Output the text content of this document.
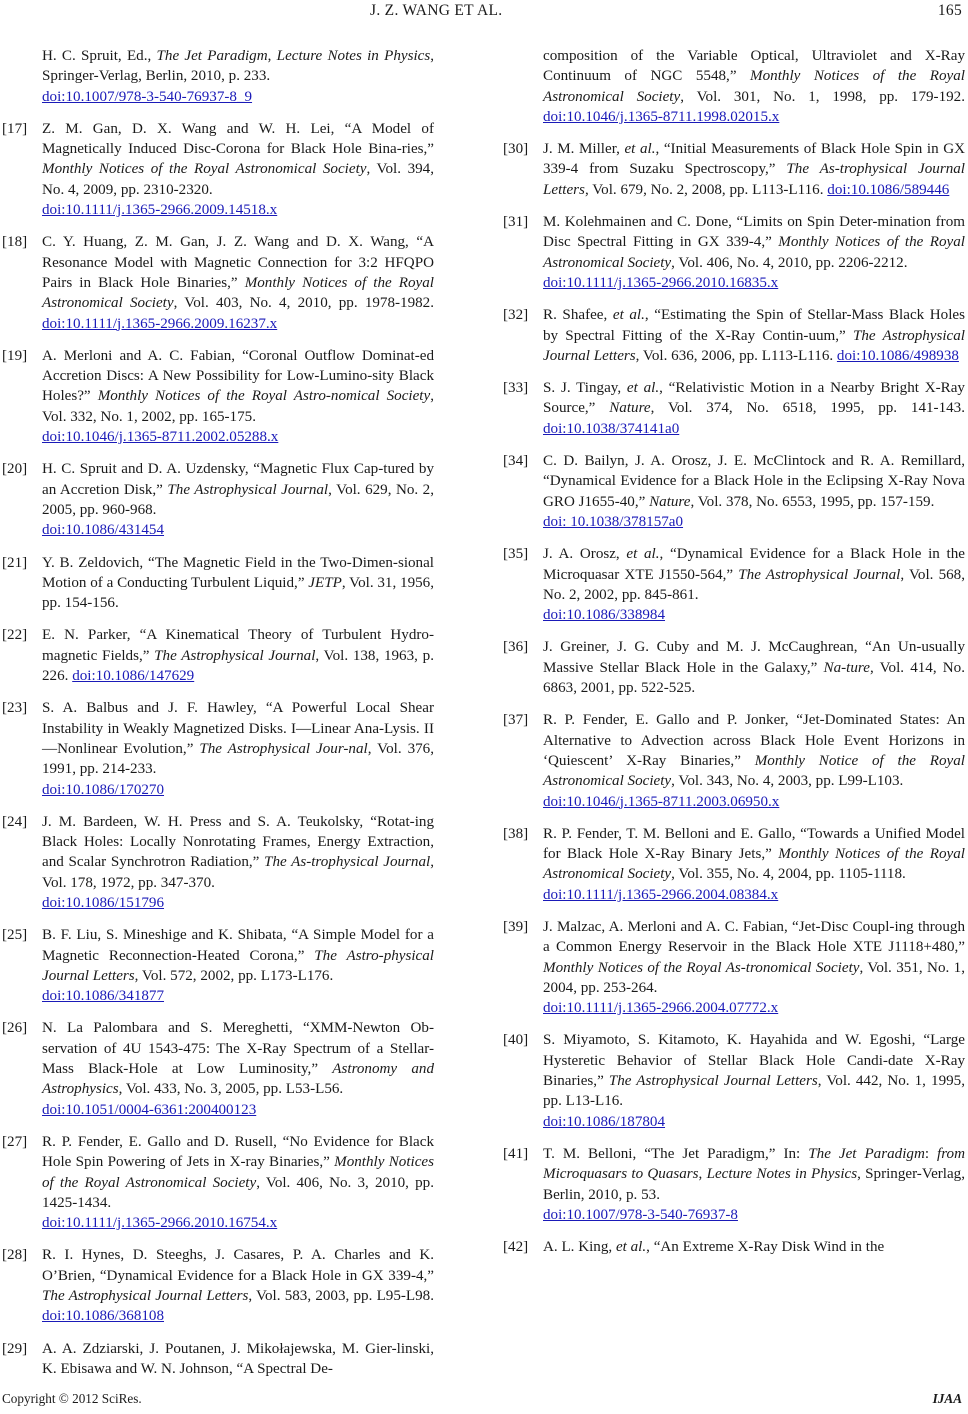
J. Z. WANG ET AL.	165
H. C. Spruit, Ed., The Jet Paradigm, Lecture Notes in Physics, Springer-Verlag, Berlin, 2010, p. 233.
doi:10.1007/978-3-540-76937-8_9
[17] Z. M. Gan, D. X. Wang and W. H. Lei, “A Model of Magnetically Induced Disc-Corona for Black Hole Bina-ries,” Monthly Notices of the Royal Astronomical Society, Vol. 394, No. 4, 2009, pp. 2310-2320.
doi:10.1111/j.1365-2966.2009.14518.x
[18] C. Y. Huang, Z. M. Gan, J. Z. Wang and D. X. Wang, “A Resonance Model with Magnetic Connection for 3:2 HFQPO Pairs in Black Hole Binaries,” Monthly Notices of the Royal Astronomical Society, Vol. 403, No. 4, 2010, pp. 1978-1982. doi:10.1111/j.1365-2966.2009.16237.x
[19] A. Merloni and A. C. Fabian, “Coronal Outflow Dominat-ed Accretion Discs: A New Possibility for Low-Lumino-sity Black Holes?” Monthly Notices of the Royal Astro-nomical Society, Vol. 332, No. 1, 2002, pp. 165-175.
doi:10.1046/j.1365-8711.2002.05288.x
[20] H. C. Spruit and D. A. Uzdensky, “Magnetic Flux Cap-tured by an Accretion Disk,” The Astrophysical Journal, Vol. 629, No. 2, 2005, pp. 960-968.
doi:10.1086/431454
[21] Y. B. Zeldovich, “The Magnetic Field in the Two-Dimen-sional Motion of a Conducting Turbulent Liquid,” JETP, Vol. 31, 1956, pp. 154-156.
[22] E. N. Parker, “A Kinematical Theory of Turbulent Hydro-magnetic Fields,” The Astrophysical Journal, Vol. 138, 1963, p. 226. doi:10.1086/147629
[23] S. A. Balbus and J. F. Hawley, “A Powerful Local Shear Instability in Weakly Magnetized Disks. I—Linear Ana-Lysis. II—Nonlinear Evolution,” The Astrophysical Jour-nal, Vol. 376, 1991, pp. 214-233.
doi:10.1086/170270
[24] J. M. Bardeen, W. H. Press and S. A. Teukolsky, “Rotat-ing Black Holes: Locally Nonrotating Frames, Energy Extraction, and Scalar Synchrotron Radiation,” The As-trophysical Journal, Vol. 178, 1972, pp. 347-370.
doi:10.1086/151796
[25] B. F. Liu, S. Mineshige and K. Shibata, “A Simple Model for a Magnetic Reconnection-Heated Corona,” The Astro-physical Journal Letters, Vol. 572, 2002, pp. L173-L176.
doi:10.1086/341877
[26] N. La Palombara and S. Mereghetti, “XMM-Newton Ob-servation of 4U 1543-475: The X-Ray Spectrum of a Stellar-Mass Black-Hole at Low Luminosity,” Astronomy and Astrophysics, Vol. 433, No. 3, 2005, pp. L53-L56.
doi:10.1051/0004-6361:200400123
[27] R. P. Fender, E. Gallo and D. Rusell, “No Evidence for Black Hole Spin Powering of Jets in X-ray Binaries,” Monthly Notices of the Royal Astronomical Society, Vol. 406, No. 3, 2010, pp. 1425-1434.
doi:10.1111/j.1365-2966.2010.16754.x
[28] R. I. Hynes, D. Steeghs, J. Casares, P. A. Charles and K. O’Brien, “Dynamical Evidence for a Black Hole in GX 339-4,” The Astrophysical Journal Letters, Vol. 583, 2003, pp. L95-L98. doi:10.1086/368108
[29] A. A. Zdziarski, J. Poutanen, J. Mikołajewska, M. Gier-linski, K. Ebisawa and W. N. Johnson, “A Spectral De-
composition of the Variable Optical, Ultraviolet and X-Ray Continuum of NGC 5548,” Monthly Notices of the Royal Astronomical Society, Vol. 301, No. 1, 1998, pp. 179-192. doi:10.1046/j.1365-8711.1998.02015.x
[30] J. M. Miller, et al., “Initial Measurements of Black Hole Spin in GX 339-4 from Suzaku Spectroscopy,” The As-trophysical Journal Letters, Vol. 679, No. 2, 2008, pp. L113-L116. doi:10.1086/589446
[31] M. Kolehmainen and C. Done, “Limits on Spin Deter-mination from Disc Spectral Fitting in GX 339-4,” Monthly Notices of the Royal Astronomical Society, Vol. 406, No. 4, 2010, pp. 2206-2212.
doi:10.1111/j.1365-2966.2010.16835.x
[32] R. Shafee, et al., “Estimating the Spin of Stellar-Mass Black Holes by Spectral Fitting of the X-Ray Contin-uum,” The Astrophysical Journal Letters, Vol. 636, 2006, pp. L113-L116. doi:10.1086/498938
[33] S. J. Tingay, et al., “Relativistic Motion in a Nearby Bright X-Ray Source,” Nature, Vol. 374, No. 6518, 1995, pp. 141-143. doi:10.1038/374141a0
[34] C. D. Bailyn, J. A. Orosz, J. E. McClintock and R. A. Remillard, “Dynamical Evidence for a Black Hole in the Eclipsing X-Ray Nova GRO J1655-40,” Nature, Vol. 378, No. 6553, 1995, pp. 157-159.
doi: 10.1038/378157a0
[35] J. A. Orosz, et al., “Dynamical Evidence for a Black Hole in the Microquasar XTE J1550-564,” The Astrophysical Journal, Vol. 568, No. 2, 2002, pp. 845-861.
doi:10.1086/338984
[36] J. Greiner, J. G. Cuby and M. J. McCaughrean, “An Un-usually Massive Stellar Black Hole in the Galaxy,” Na-ture, Vol. 414, No. 6863, 2001, pp. 522-525.
[37] R. P. Fender, E. Gallo and P. Jonker, “Jet-Dominated States: An Alternative to Advection across Black Hole Event Horizons in ‘Quiescent’ X-Ray Binaries,” Monthly Notice of the Royal Astronomical Society, Vol. 343, No. 4, 2003, pp. L99-L103.
doi:10.1046/j.1365-8711.2003.06950.x
[38] R. P. Fender, T. M. Belloni and E. Gallo, “Towards a Unified Model for Black Hole X-Ray Binary Jets,” Monthly Notices of the Royal Astronomical Society, Vol. 355, No. 4, 2004, pp. 1105-1118.
doi:10.1111/j.1365-2966.2004.08384.x
[39] J. Malzac, A. Merloni and A. C. Fabian, “Jet-Disc Coupl-ing through a Common Energy Reservoir in the Black Hole XTE J1118+480,” Monthly Notices of the Royal As-tronomical Society, Vol. 351, No. 1, 2004, pp. 253-264.
doi:10.1111/j.1365-2966.2004.07772.x
[40] S. Miyamoto, S. Kitamoto, K. Hayahida and W. Egoshi, “Large Hysteretic Behavior of Stellar Black Hole Candi-date X-Ray Binaries,” The Astrophysical Journal Letters, Vol. 442, No. 1, 1995, pp. L13-L16.
doi:10.1086/187804
[41] T. M. Belloni, “The Jet Paradigm,” In: The Jet Paradigm: from Microquasars to Quasars, Lecture Notes in Physics, Springer-Verlag, Berlin, 2010, p. 53.
doi:10.1007/978-3-540-76937-8
[42] A. L. King, et al., “An Extreme X-Ray Disk Wind in the
Copyright © 2012 SciRes.	IJAA
